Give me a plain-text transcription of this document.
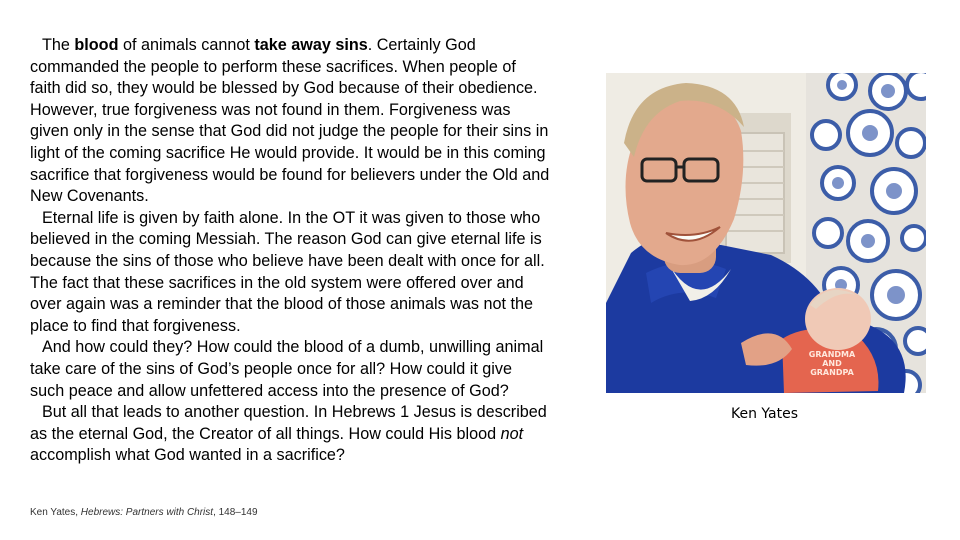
The blood of animals cannot take away sins. Certainly God commanded the people to perform these sacrifices. When people of faith did so, they would be blessed by God because of their obedience. However, true forgiveness was not found in them. Forgiveness was given only in the sense that God did not judge the people for their sins in light of the coming sacrifice He would provide. It would be in this coming sacrifice that forgiveness would be found for believers under the Old and New Covenants.

Eternal life is given by faith alone. In the OT it was given to those who believed in the coming Messiah. The reason God can give eternal life is because the sins of those who believe have been dealt with once for all. The fact that these sacrifices in the old system were offered over and over again was a reminder that the blood of those animals was not the place to find that forgiveness.

And how could they? How could the blood of a dumb, unwilling animal take care of the sins of God’s people once for all? How could it give such peace and allow unfettered access into the presence of God?

But all that leads to another question. In Hebrews 1 Jesus is described as the eternal God, the Creator of all things. How could His blood not accomplish what God wanted in a sacrifice?

Ken Yates, Hebrews: Partners with Christ, 148–149
GRANDMA AND GRANDPA
Ken Yates
